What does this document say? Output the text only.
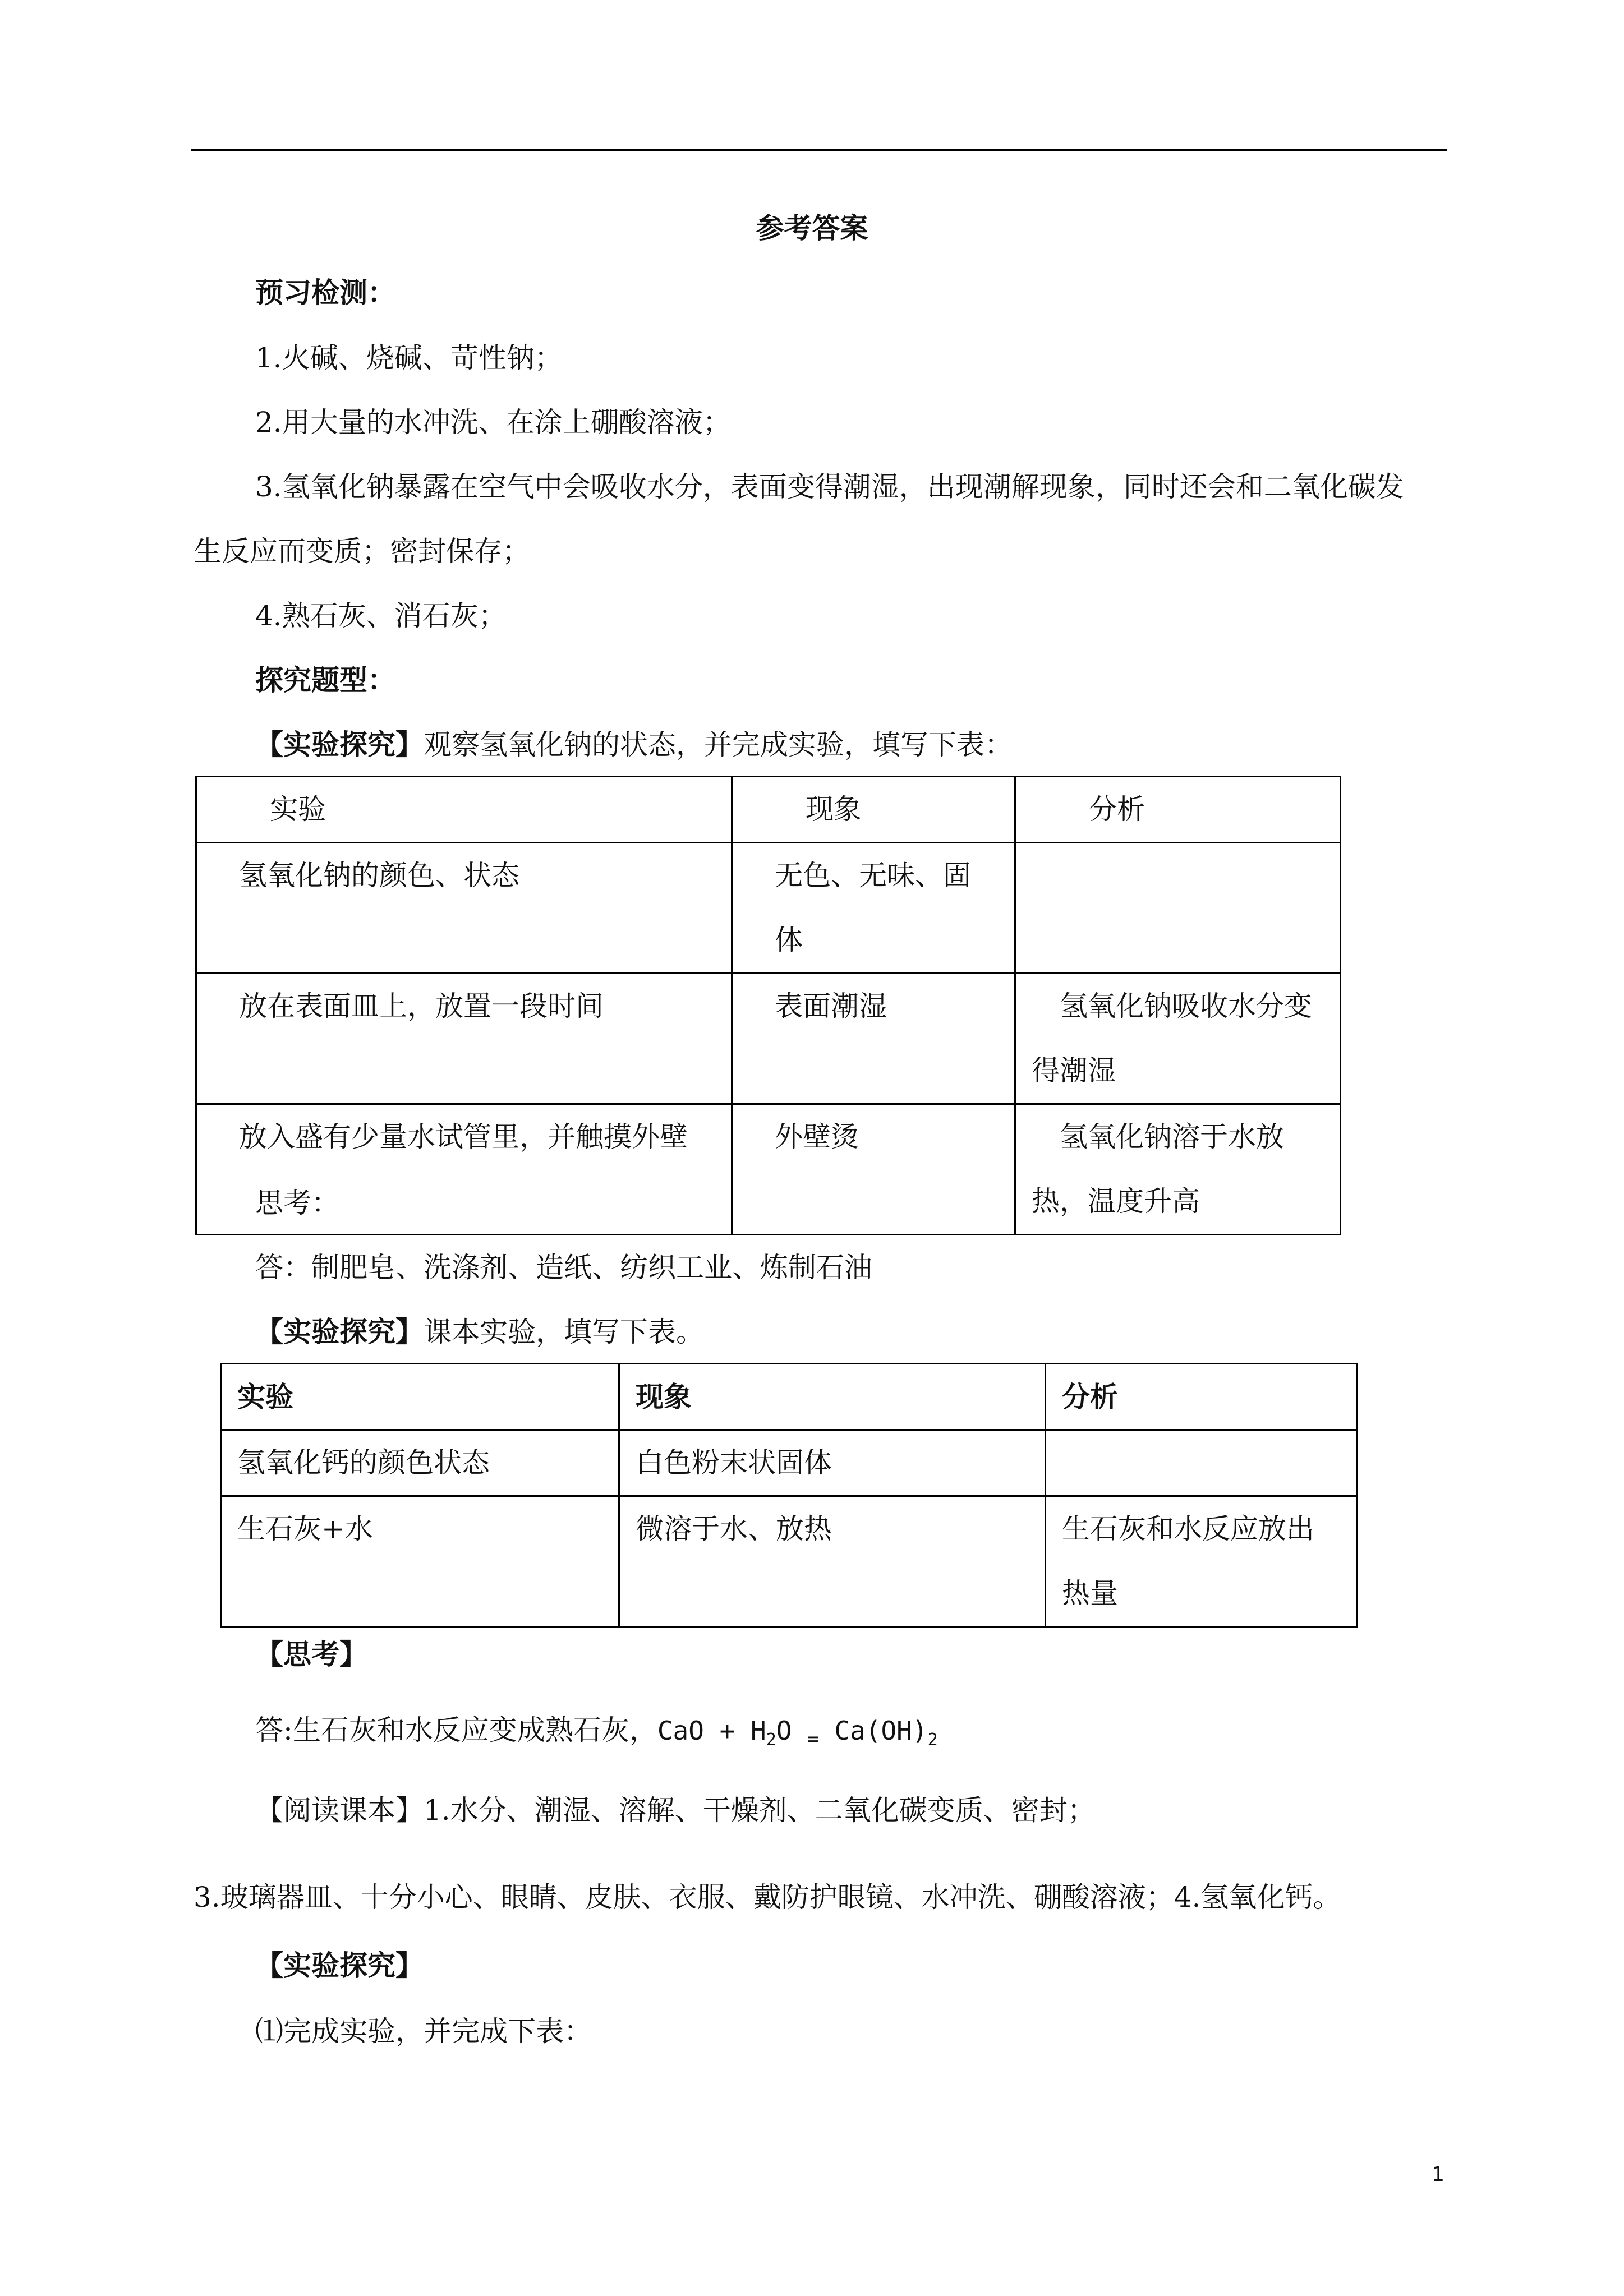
参考答案
预习检测：
1.火碱、烧碱、苛性钠；
2.用大量的水冲洗、在涂上硼酸溶液；
3.氢氧化钠暴露在空气中会吸收水分，表面变得潮湿，出现潮解现象，同时还会和二氧化碳发
生反应而变质；密封保存；
4.熟石灰、消石灰；
探究题型：
【实验探究】观察氢氧化钠的状态，并完成实验，填写下表：
实验	现象	分析

氢氧化钠的颜色、状态	无色、无味、固体	

放在表面皿上，放置一段时间	表面潮湿	氢氧化钠吸收水分变得潮湿

放入盛有少量水试管里，并触摸外壁	外壁烫	氢氧化钠溶于水放热，温度升高
思考：
答：制肥皂、洗涤剂、造纸、纺织工业、炼制石油
【实验探究】课本实验，填写下表。
实验	现象	分析

氢氧化钙的颜色状态	白色粉末状固体	

生石灰+水	微溶于水、放热	生石灰和水反应放出热量
【思考】
答:生石灰和水反应变成熟石灰，CaO + $H_2O$ $_=$ $Ca(OH)_2$
【阅读课本】1.水分、潮湿、溶解、干燥剂、二氧化碳变质、密封；
3.玻璃器皿、十分小心、眼睛、皮肤、衣服、戴防护眼镜、水冲洗、硼酸溶液；4.氢氧化钙。
【实验探究】
⑴完成实验，并完成下表：
1
